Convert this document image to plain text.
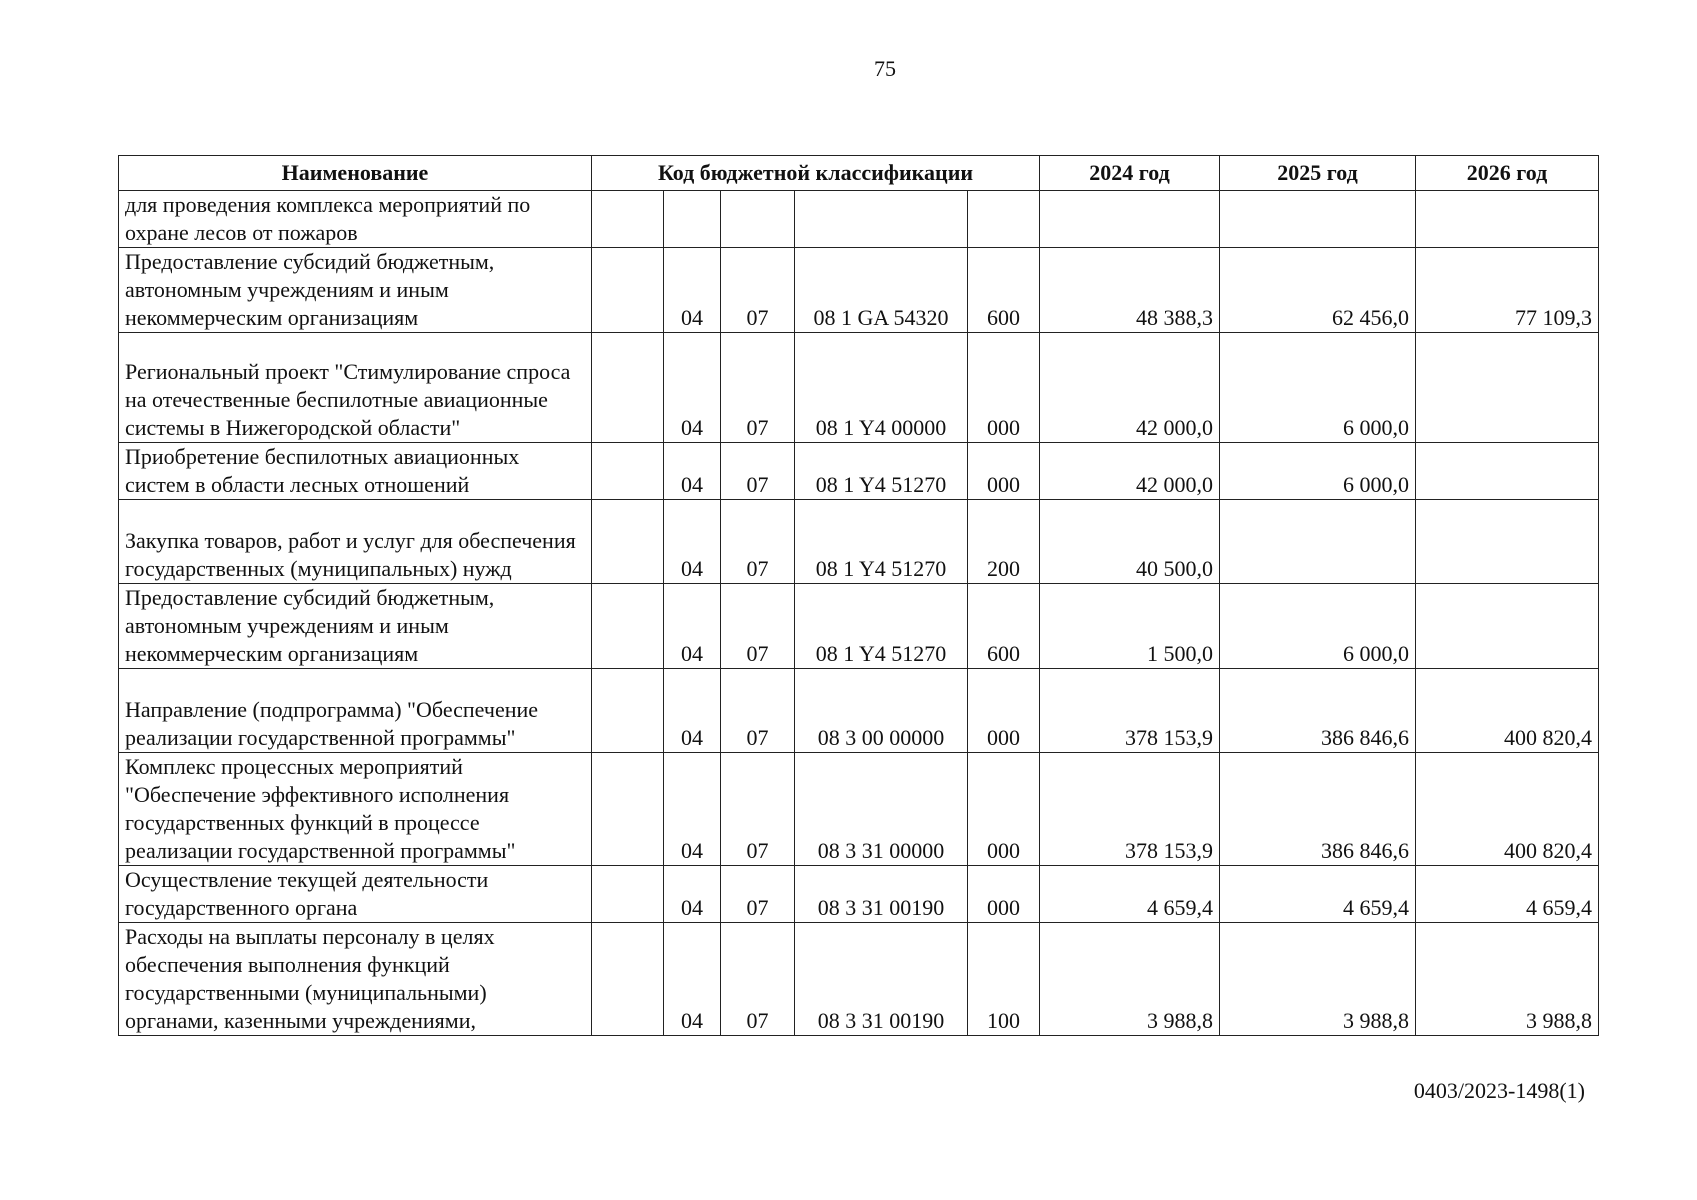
75
Наименование	Код бюджетной классификации					2024 год	2025 год	2026 год
для проведения комплекса мероприятий по охране лесов от пожаров								
Предоставление субсидий бюджетным, автономным учреждениям и иным некоммерческим организациям		04	07	08 1 GA 54320	600	48 388,3	62 456,0	77 109,3
Региональный проект "Стимулирование спроса на отечественные беспилотные авиационные системы в Нижегородской области"		04	07	08 1 Y4 00000	000	42 000,0	6 000,0	
Приобретение беспилотных авиационных систем в области лесных отношений		04	07	08 1 Y4 51270	000	42 000,0	6 000,0	
Закупка товаров, работ и услуг для обеспечения государственных (муниципальных) нужд		04	07	08 1 Y4 51270	200	40 500,0		
Предоставление субсидий бюджетным, автономным учреждениям и иным некоммерческим организациям		04	07	08 1 Y4 51270	600	1 500,0	6 000,0	
Направление (подпрограмма) "Обеспечение реализации государственной программы"		04	07	08 3 00 00000	000	378 153,9	386 846,6	400 820,4
Комплекс процессных мероприятий "Обеспечение эффективного исполнения государственных функций в процессе реализации государственной программы"		04	07	08 3 31 00000	000	378 153,9	386 846,6	400 820,4
Осуществление текущей деятельности государственного органа		04	07	08 3 31 00190	000	4 659,4	4 659,4	4 659,4
Расходы на выплаты персоналу в целях обеспечения выполнения функций государственными (муниципальными) органами, казенными учреждениями,		04	07	08 3 31 00190	100	3 988,8	3 988,8	3 988,8
0403/2023-1498(1)
